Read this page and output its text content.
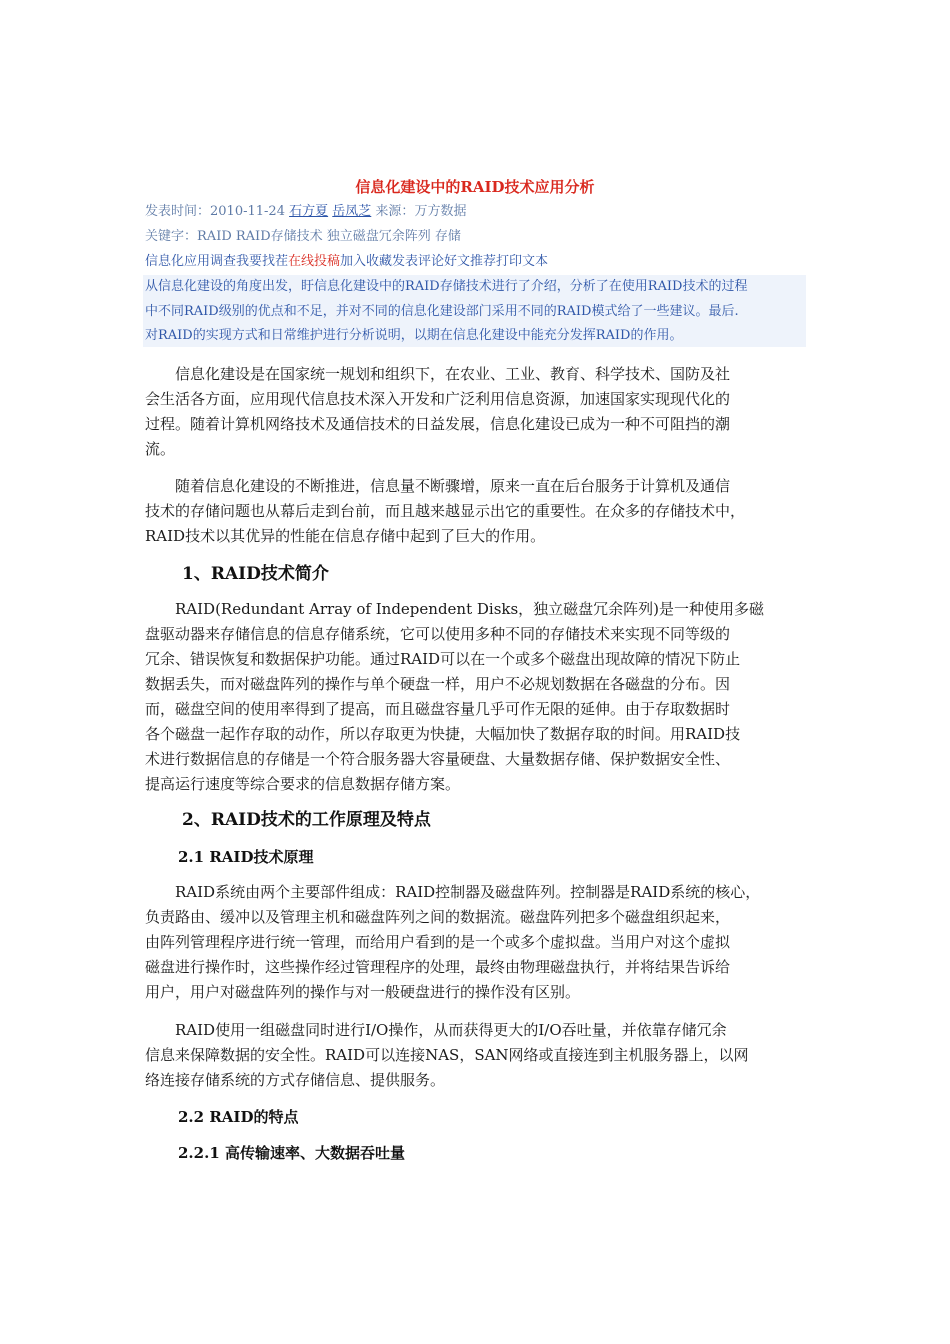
信息化建设中的RAID技术应用分析
发表时间：2010-11-24 石方夏 岳凤芝 来源：万方数据
关键字：RAID RAID存储技术 独立磁盘冗余阵列 存储
信息化应用调查我要找茬在线投稿加入收藏发表评论好文推荐打印文本
从信息化建设的角度出发，盱信息化建设中的RAID存储技术进行了介绍，分析了在使用RAID技术的过程
中不同RAID级别的优点和不足，并对不同的信息化建设部门采用不同的RAID模式给了一些建议。最后.
对RAID的实现方式和日常维护进行分析说明，以期在信息化建设中能充分发挥RAID的作用。
　　信息化建设是在国家统一规划和组织下，在农业、工业、教育、科学技术、国防及社
会生活各方面，应用现代信息技术深入开发和广泛利用信息资源，加速国家实现现代化的
过程。随着计算机网络技术及通信技术的日益发展，信息化建设已成为一种不可阻挡的潮
流。
　　随着信息化建设的不断推进，信息量不断骤增，原来一直在后台服务于计算机及通信
技术的存储问题也从幕后走到台前，而且越来越显示出它的重要性。在众多的存储技术中，
RAID技术以其优异的性能在信息存储中起到了巨大的作用。
1、RAID技术简介
　　RAID(Redundant Array of Independent Disks，独立磁盘冗余阵列)是一种使用多磁
盘驱动器来存储信息的信息存储系统，它可以使用多种不同的存储技术来实现不同等级的
冗余、错误恢复和数据保护功能。通过RAID可以在一个或多个磁盘出现故障的情况下防止
数据丢失，而对磁盘阵列的操作与单个硬盘一样，用户不必规划数据在各磁盘的分布。因
而，磁盘空间的使用率得到了提高，而且磁盘容量几乎可作无限的延伸。由于存取数据时
各个磁盘一起作存取的动作，所以存取更为快捷，大幅加快了数据存取的时间。用RAID技
术进行数据信息的存储是一个符合服务器大容量硬盘、大量数据存储、保护数据安全性、
提高运行速度等综合要求的信息数据存储方案。
2、RAID技术的工作原理及特点
2.1 RAID技术原理
　　RAID系统由两个主要部件组成：RAID控制器及磁盘阵列。控制器是RAID系统的核心，
负责路由、缓冲以及管理主机和磁盘阵列之间的数据流。磁盘阵列把多个磁盘组织起来，
由阵列管理程序进行统一管理，而给用户看到的是一个或多个虚拟盘。当用户对这个虚拟
磁盘进行操作时，这些操作经过管理程序的处理，最终由物理磁盘执行，并将结果告诉给
用户，用户对磁盘阵列的操作与对一般硬盘进行的操作没有区别。
　　RAID使用一组磁盘同时进行I/O操作，从而获得更大的I/O吞吐量，并依靠存储冗余
信息来保障数据的安全性。RAID可以连接NAS，SAN网络或直接连到主机服务器上，以网
络连接存储系统的方式存储信息、提供服务。
2.2 RAID的特点
2.2.1 高传输速率、大数据吞吐量
